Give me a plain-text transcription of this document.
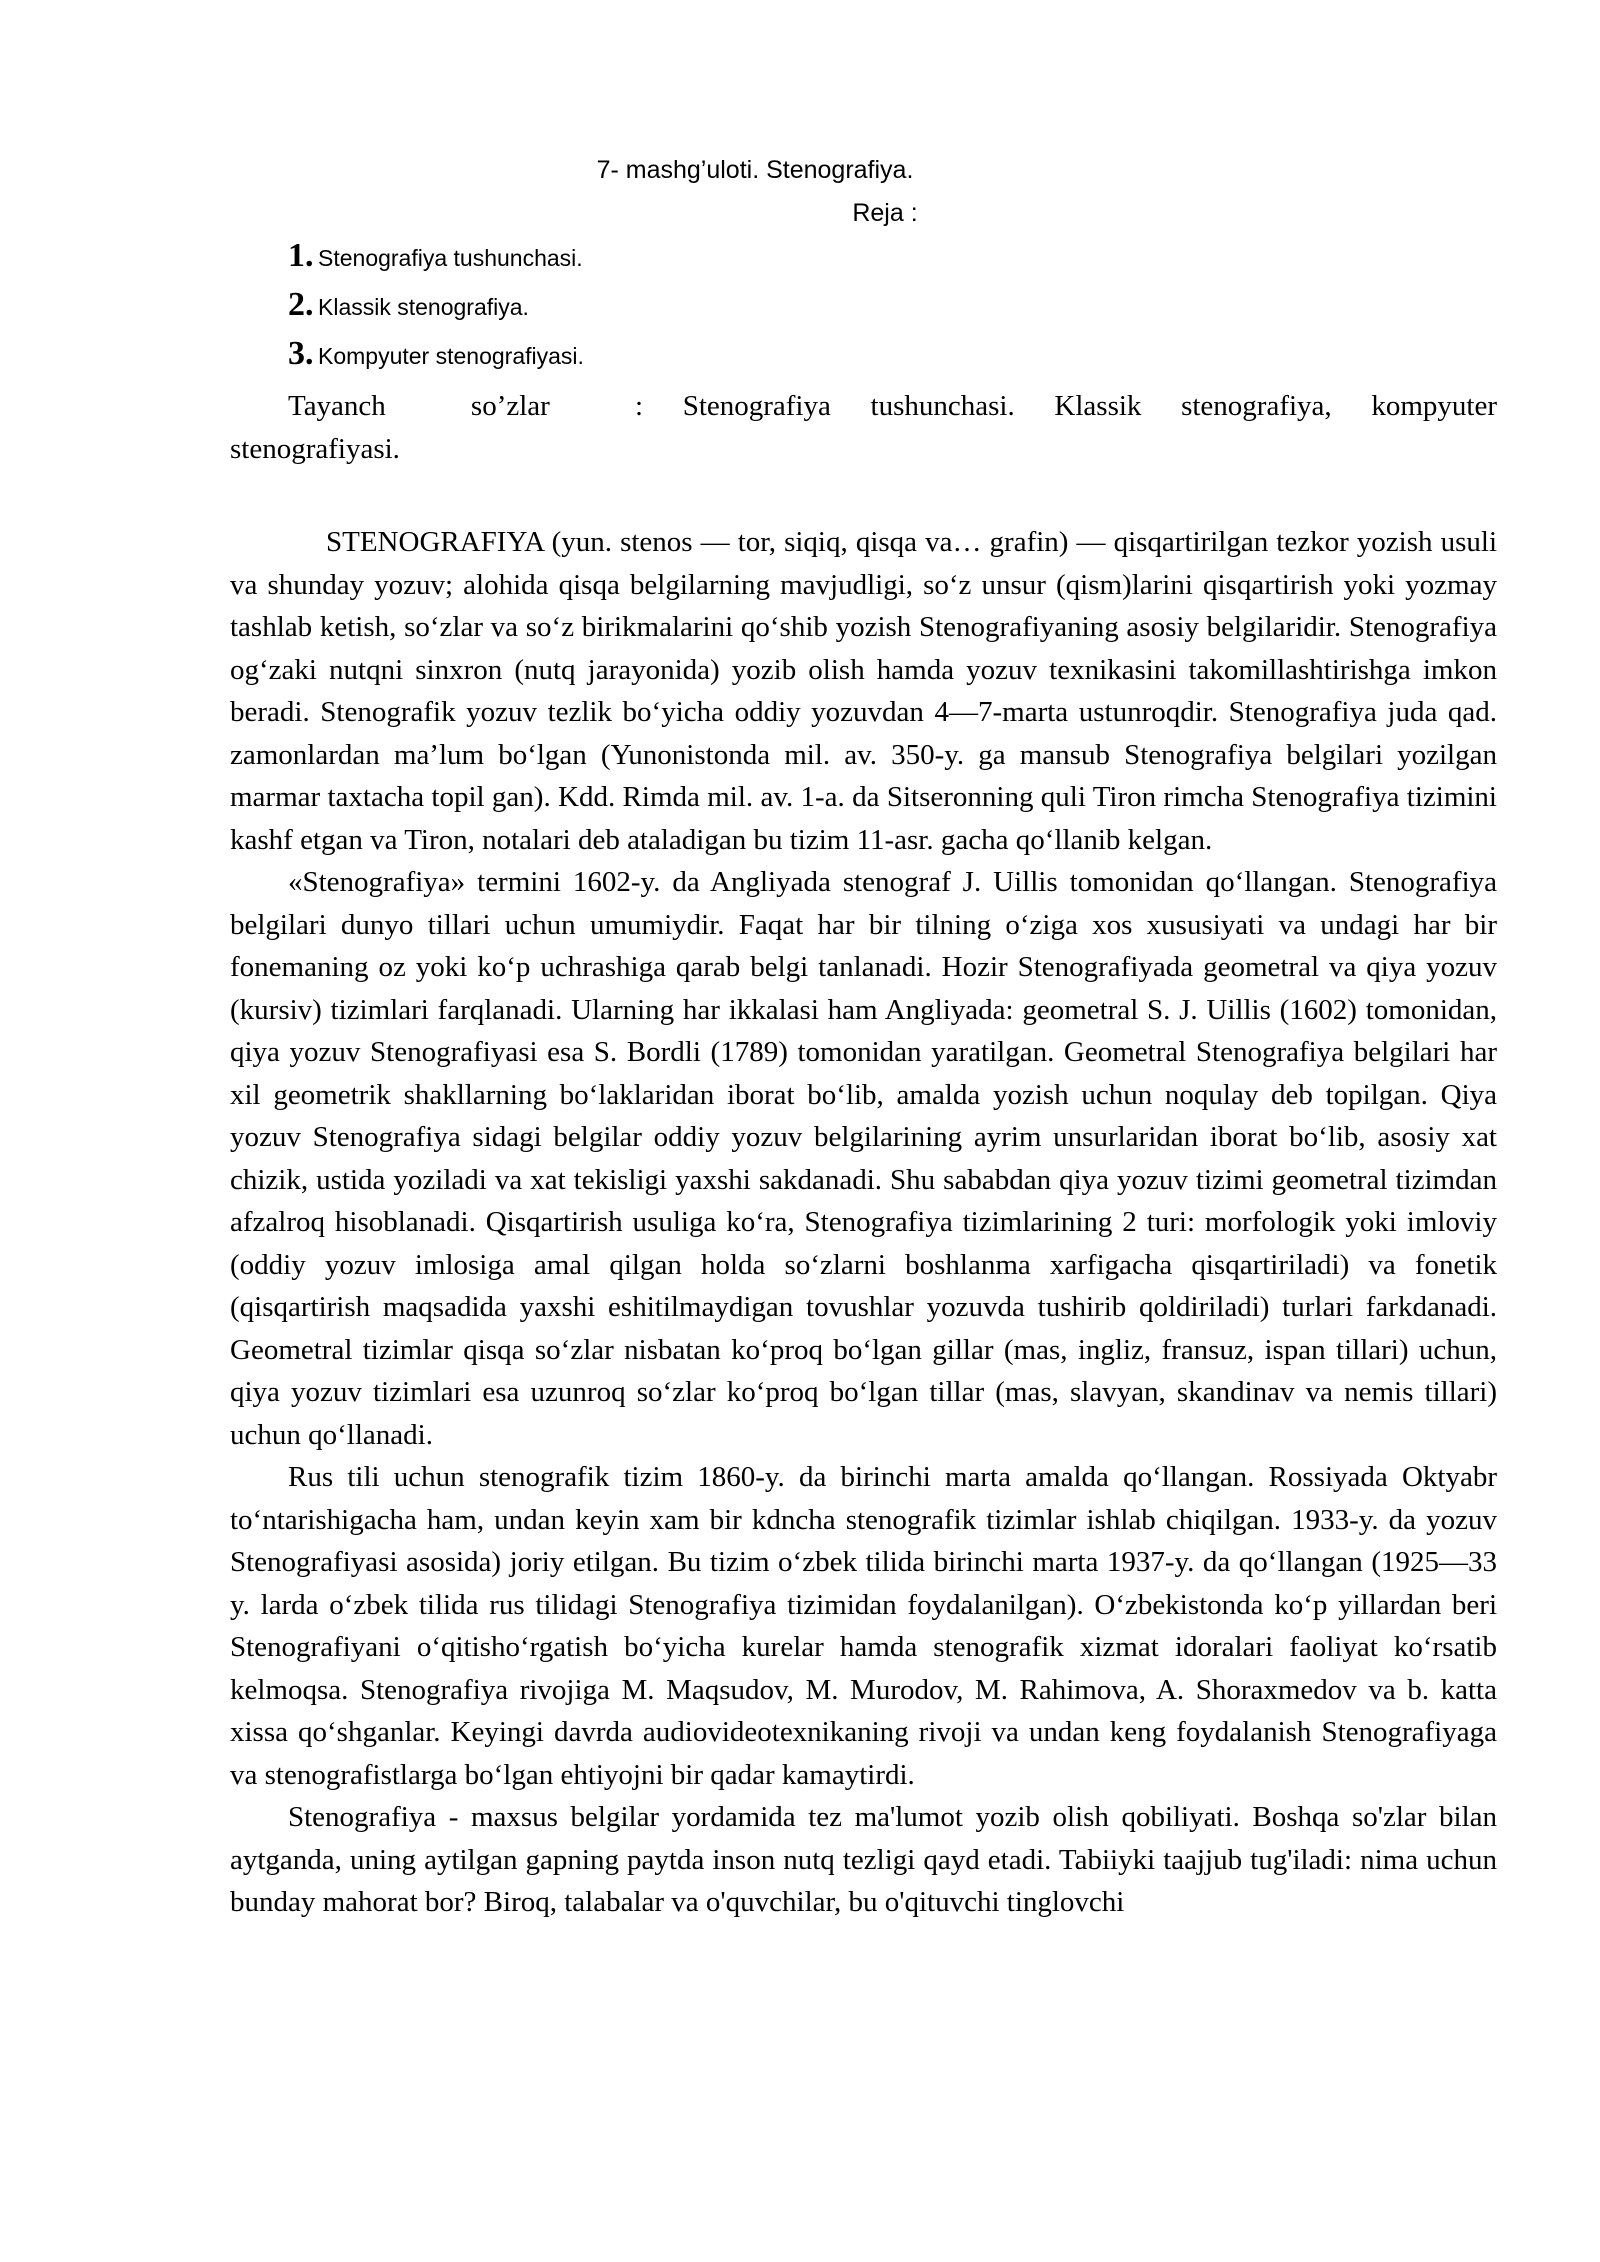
7- mashg’uloti. Stenografiya.
Reja :
1. Stenografiya tushunchasi.
2. Klassik stenografiya.
3. Kompyuter stenografiyasi.
Tayanch so’zlar : Stenografiya tushunchasi. Klassik stenografiya, kompyuter stenografiyasi.

STENOGRAFIYA (yun. stenos — tor, siqiq, qisqa va… grafin) — qisqartirilgan tezkor yozish usuli va shunday yozuv; alohida qisqa belgilarning mavjudligi, so‘z unsur (qism)larini qisqartirish yoki yozmay tashlab ketish, so‘zlar va so‘z birikmalarini qo‘shib yozish Stenografiyaning asosiy belgilaridir. Stenografiya og‘zaki nutqni sinxron (nutq jarayonida) yozib olish hamda yozuv texnikasini takomillashtirishga imkon beradi. Stenografik yozuv tezlik bo‘yicha oddiy yozuvdan 4—7-marta ustunroqdir. Stenografiya juda qad. zamonlardan ma’lum bo‘lgan (Yunonistonda mil. av. 350-y. ga mansub Stenografiya belgilari yozilgan marmar taxtacha topil gan). Kdd. Rimda mil. av. 1-a. da Sitseronning quli Tiron rimcha Stenografiya tizimini kashf etgan va Tiron, notalari deb ataladigan bu tizim 11-asr. gacha qo‘llanib kelgan.

«Stenografiya» termini 1602-y. da Angliyada stenograf J. Uillis tomonidan qo‘llangan. Stenografiya belgilari dunyo tillari uchun umumiydir. Faqat har bir tilning o‘ziga xos xususiyati va undagi har bir fonemaning oz yoki ko‘p uchrashiga qarab belgi tanlanadi. Hozir Stenografiyada geometral va qiya yozuv (kursiv) tizimlari farqlanadi. Ularning har ikkalasi ham Angliyada: geometral S. J. Uillis (1602) tomonidan, qiya yozuv Stenografiyasi esa S. Bordli (1789) tomonidan yaratilgan. Geometral Stenografiya belgilari har xil geometrik shakllarning bo‘laklaridan iborat bo‘lib, amalda yozish uchun noqulay deb topilgan. Qiya yozuv Stenografiya sidagi belgilar oddiy yozuv belgilarining ayrim unsurlaridan iborat bo‘lib, asosiy xat chizik, ustida yoziladi va xat tekisligi yaxshi sakdanadi. Shu sababdan qiya yozuv tizimi geometral tizimdan afzalroq hisoblanadi. Qisqartirish usuliga ko‘ra, Stenografiya tizimlarining 2 turi: morfologik yoki imloviy (oddiy yozuv imlosiga amal qilgan holda so‘zlarni boshlanma xarfigacha qisqartiriladi) va fonetik (qisqartirish maqsadida yaxshi eshitilmaydigan tovushlar yozuvda tushirib qoldiriladi) turlari farkdanadi. Geometral tizimlar qisqa so‘zlar nisbatan ko‘proq bo‘lgan gillar (mas, ingliz, fransuz, ispan tillari) uchun, qiya yozuv tizimlari esa uzunroq so‘zlar ko‘proq bo‘lgan tillar (mas, slavyan, skandinav va nemis tillari) uchun qo‘llanadi.

Rus tili uchun stenografik tizim 1860-y. da birinchi marta amalda qo‘llangan. Rossiyada Oktyabr to‘ntarishigacha ham, undan keyin xam bir kdncha stenografik tizimlar ishlab chiqilgan. 1933-y. da yozuv Stenografiyasi asosida) joriy etilgan. Bu tizim o‘zbek tilida birinchi marta 1937-y. da qo‘llangan (1925—33 y. larda o‘zbek tilida rus tilidagi Stenografiya tizimidan foydalanilgan). O‘zbekistonda ko‘p yillardan beri Stenografiyani o‘qitisho‘rgatish bo‘yicha kurelar hamda stenografik xizmat idoralari faoliyat ko‘rsatib kelmoqsa. Stenografiya rivojiga M. Maqsudov, M. Murodov, M. Rahimova, A. Shoraxmedov va b. katta xissa qo‘shganlar. Keyingi davrda audiovideotexnikaning rivoji va undan keng foydalanish Stenografiyaga va stenografistlarga bo‘lgan ehtiyojni bir qadar kamaytirdi.

Stenografiya - maxsus belgilar yordamida tez ma'lumot yozib olish qobiliyati. Boshqa so'zlar bilan aytganda, uning aytilgan gapning paytda inson nutq tezligi qayd etadi. Tabiiyki taajjub tug'iladi: nima uchun bunday mahorat bor? Biroq, talabalar va o'quvchilar, bu o'qituvchi tinglovchi
